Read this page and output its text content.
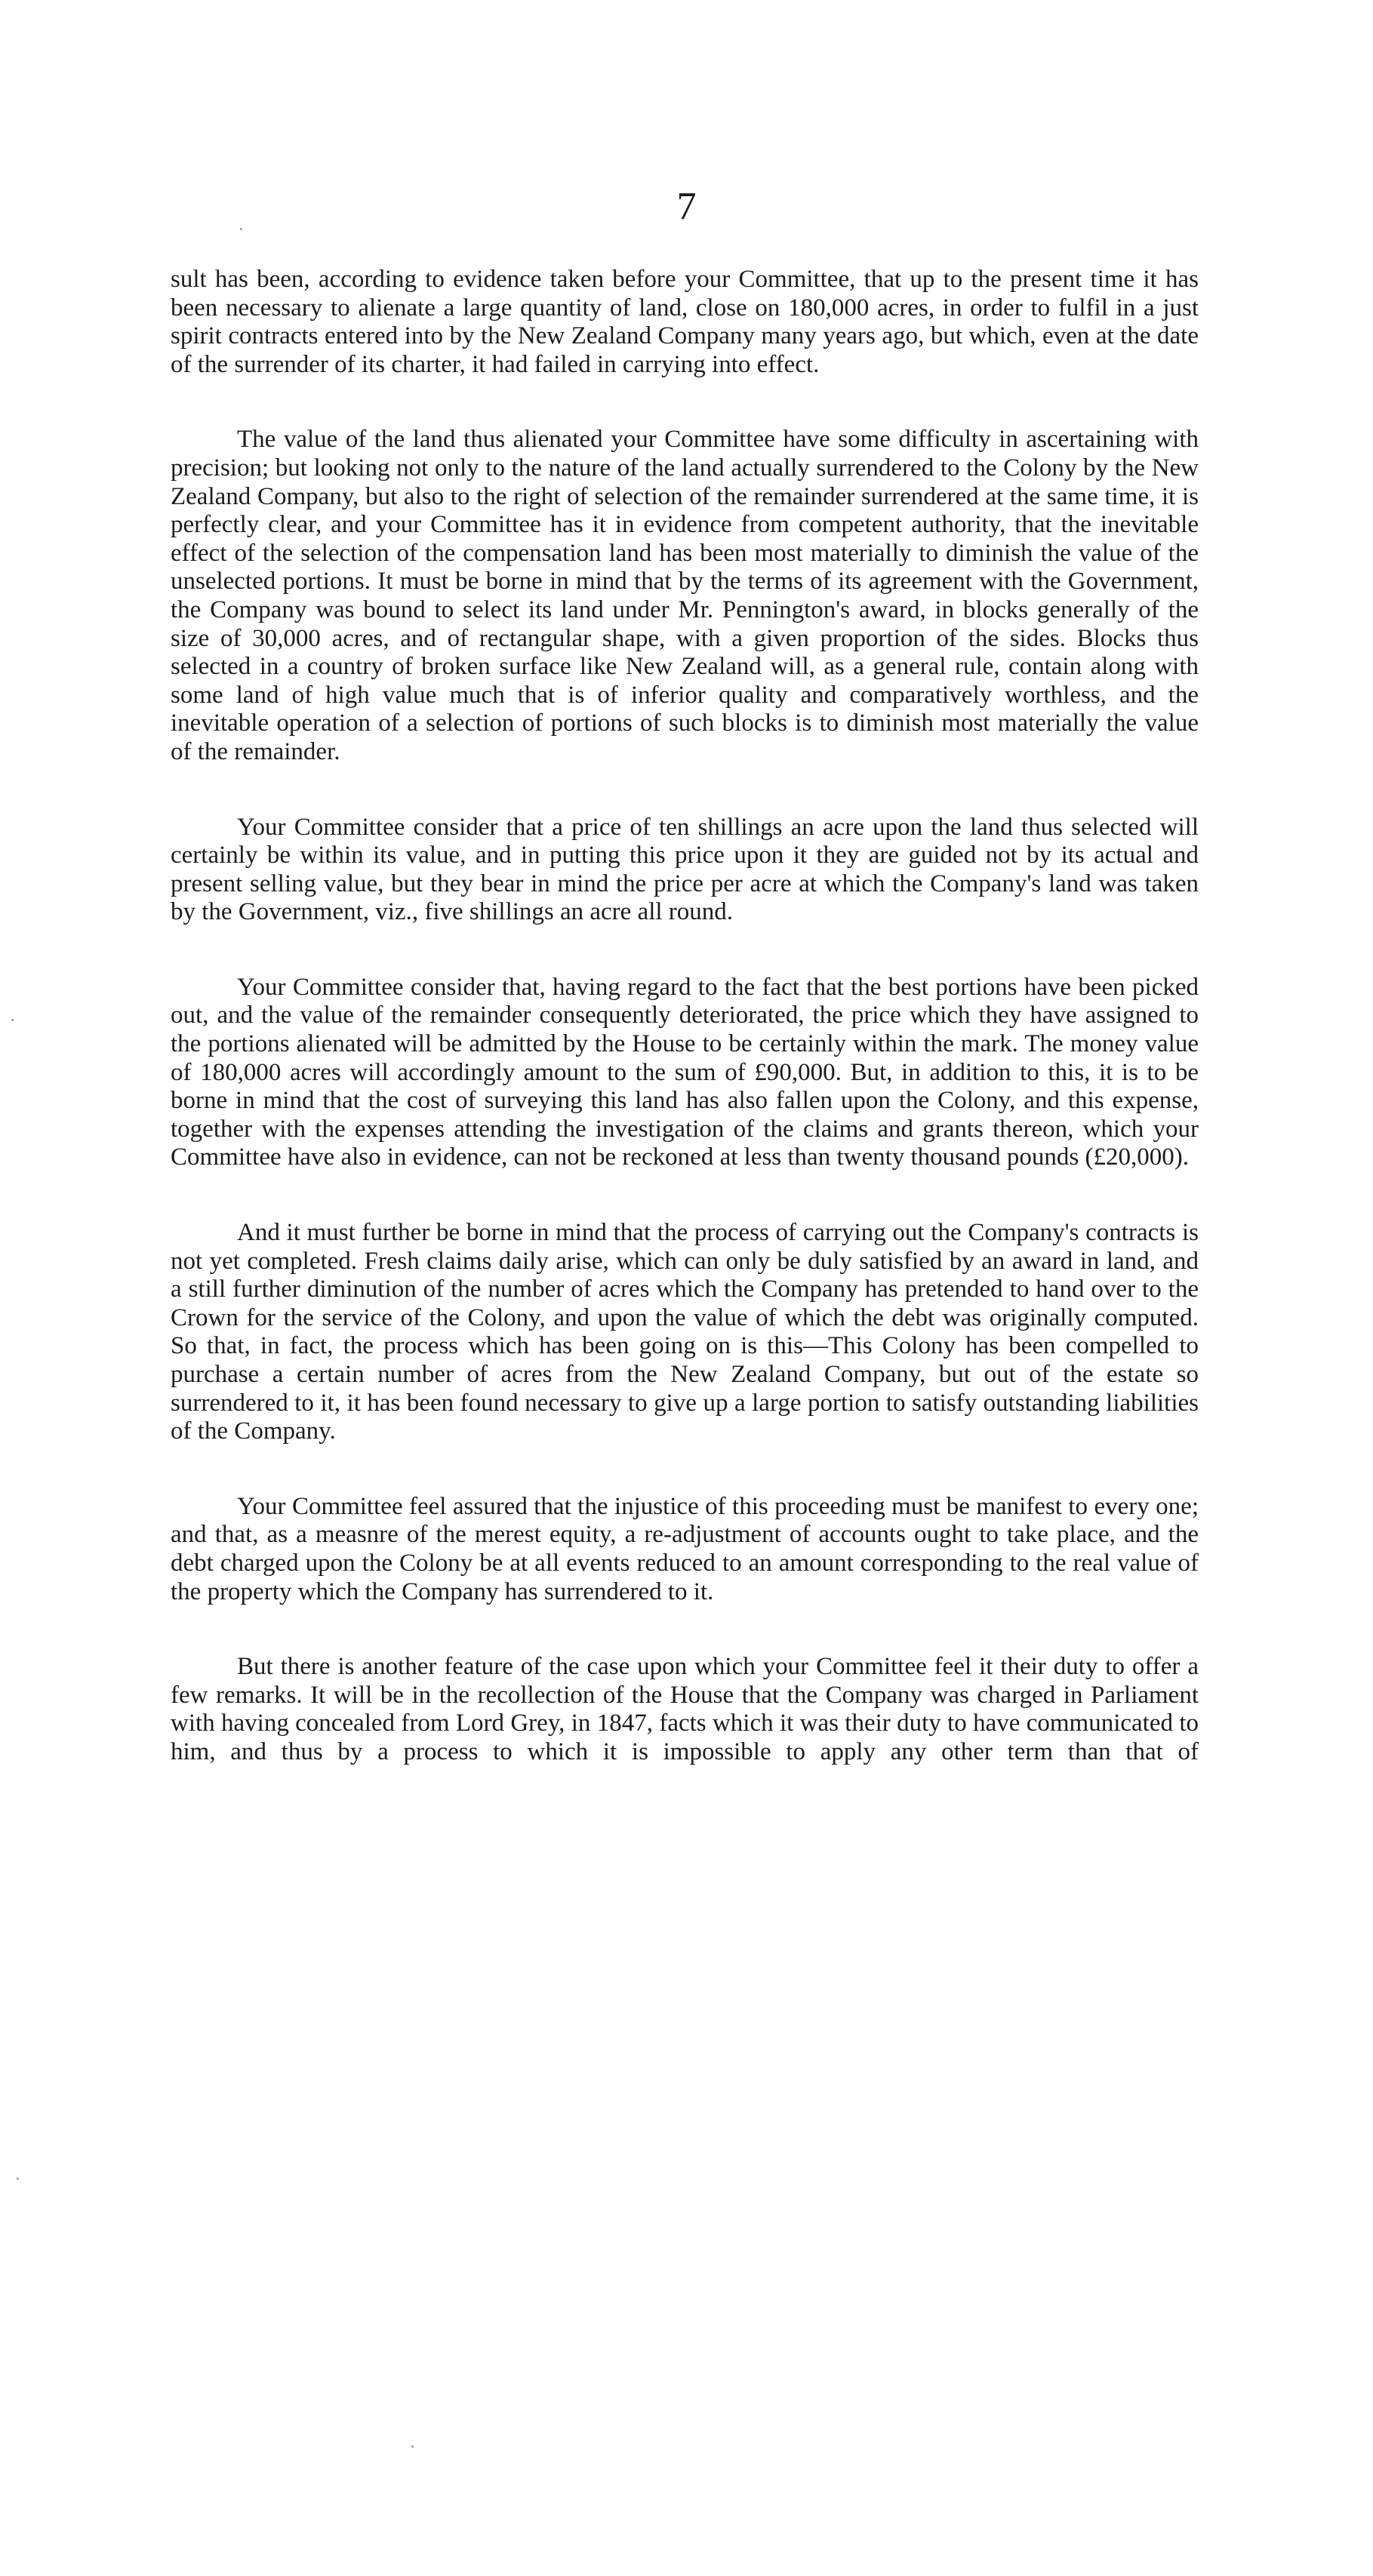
7

sult has been, according to evidence taken before your Committee, that up to the present time it has been necessary to alienate a large quantity of land, close on 180,000 acres, in order to fulfil in a just spirit contracts entered into by the New Zealand Company many years ago, but which, even at the date of the surrender of its charter, it had failed in carrying into effect.

The value of the land thus alienated your Committee have some difficulty in ascertaining with precision; but looking not only to the nature of the land actually surrendered to the Colony by the New Zealand Company, but also to the right of selection of the remainder surrendered at the same time, it is perfectly clear, and your Committee has it in evidence from competent authority, that the inevitable effect of the selection of the compensation land has been most materially to diminish the value of the unselected portions. It must be borne in mind that by the terms of its agreement with the Government, the Company was bound to select its land under Mr. Pennington's award, in blocks generally of the size of 30,000 acres, and of rectangular shape, with a given proportion of the sides. Blocks thus selected in a country of broken surface like New Zealand will, as a general rule, contain along with some land of high value much that is of inferior quality and comparatively worthless, and the inevitable operation of a selection of portions of such blocks is to diminish most materially the value of the remainder.

Your Committee consider that a price of ten shillings an acre upon the land thus selected will certainly be within its value, and in putting this price upon it they are guided not by its actual and present selling value, but they bear in mind the price per acre at which the Company's land was taken by the Government, viz., five shillings an acre all round.

Your Committee consider that, having regard to the fact that the best portions have been picked out, and the value of the remainder consequently deteriorated, the price which they have assigned to the portions alienated will be admitted by the House to be certainly within the mark. The money value of 180,000 acres will accordingly amount to the sum of £90,000. But, in addition to this, it is to be borne in mind that the cost of surveying this land has also fallen upon the Colony, and this expense, together with the expenses attending the investigation of the claims and grants thereon, which your Committee have also in evidence, can not be reckoned at less than twenty thousand pounds (£20,000).

And it must further be borne in mind that the process of carrying out the Company's contracts is not yet completed. Fresh claims daily arise, which can only be duly satisfied by an award in land, and a still further diminution of the number of acres which the Company has pretended to hand over to the Crown for the service of the Colony, and upon the value of which the debt was originally computed. So that, in fact, the process which has been going on is this—This Colony has been compelled to purchase a certain number of acres from the New Zealand Company, but out of the estate so surrendered to it, it has been found necessary to give up a large portion to satisfy outstanding liabilities of the Company.

Your Committee feel assured that the injustice of this proceeding must be manifest to every one; and that, as a measnre of the merest equity, a re-adjustment of accounts ought to take place, and the debt charged upon the Colony be at all events reduced to an amount corresponding to the real value of the property which the Company has surrendered to it.

But there is another feature of the case upon which your Committee feel it their duty to offer a few remarks. It will be in the recollection of the House that the Company was charged in Parliament with having concealed from Lord Grey, in 1847, facts which it was their duty to have communicated to him, and thus by a process to which it is impossible to apply any other term than that of
